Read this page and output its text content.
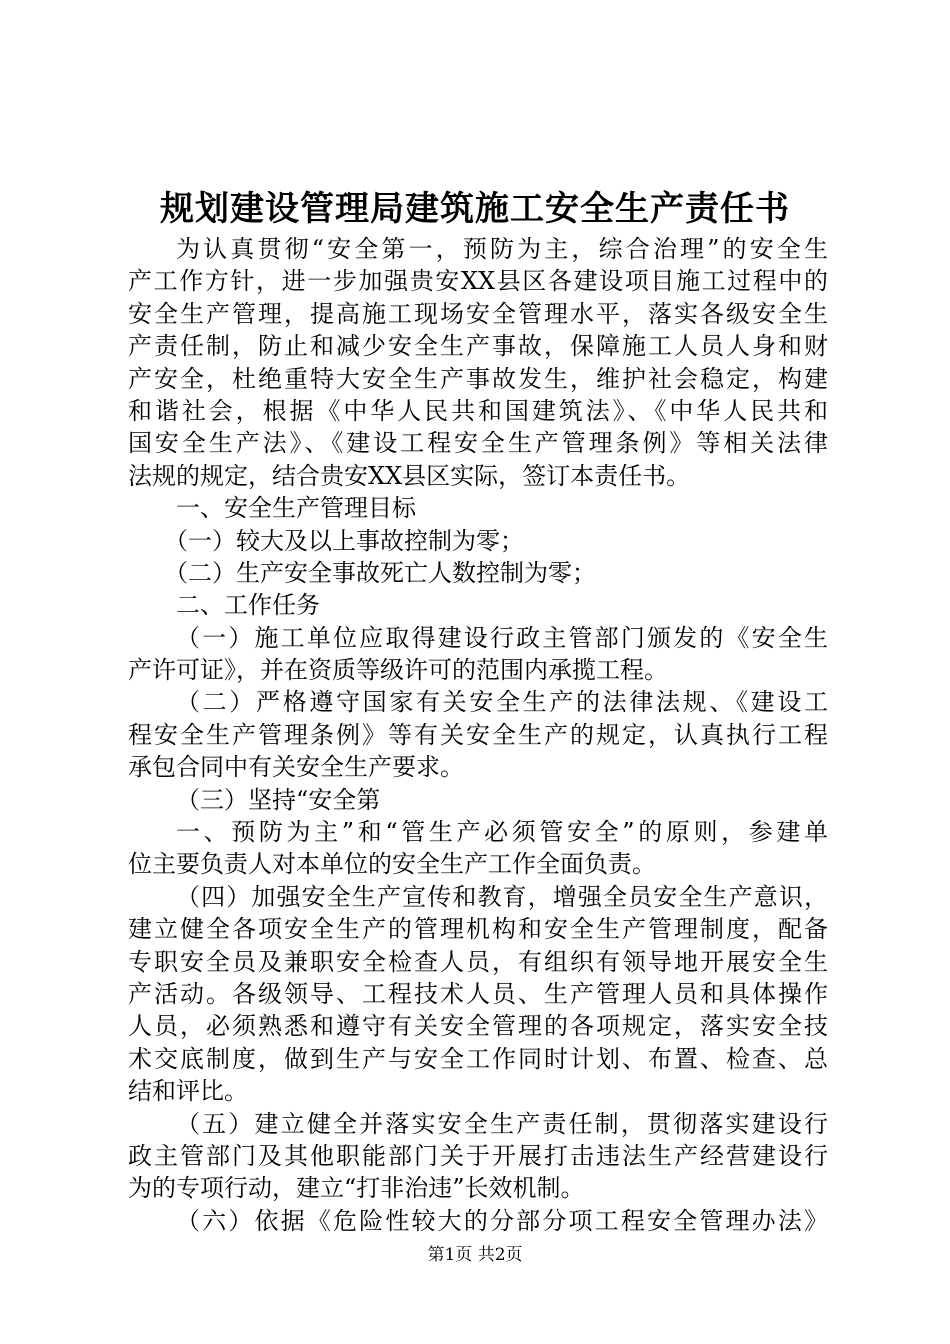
规划建设管理局建筑施工安全生产责任书
为认真贯彻“安全第一，预防为主，综合治理”的安全生
产工作方针，进一步加强贵安XX县区各建设项目施工过程中的
安全生产管理，提高施工现场安全管理水平，落实各级安全生
产责任制，防止和减少安全生产事故，保障施工人员人身和财
产安全，杜绝重特大安全生产事故发生，维护社会稳定，构建
和谐社会，根据《中华人民共和国建筑法》、《中华人民共和
国安全生产法》、《建设工程安全生产管理条例》等相关法律
法规的规定，结合贵安XX县区实际，签订本责任书。
一、安全生产管理目标
（一）较大及以上事故控制为零；
（二）生产安全事故死亡人数控制为零；
二、工作任务
（一）施工单位应取得建设行政主管部门颁发的《安全生
产许可证》，并在资质等级许可的范围内承揽工程。
（二）严格遵守国家有关安全生产的法律法规、《建设工
程安全生产管理条例》等有关安全生产的规定，认真执行工程
承包合同中有关安全生产要求。
（三）坚持“安全第
一、预防为主”和“管生产必须管安全”的原则，参建单
位主要负责人对本单位的安全生产工作全面负责。
（四）加强安全生产宣传和教育，增强全员安全生产意识，
建立健全各项安全生产的管理机构和安全生产管理制度，配备
专职安全员及兼职安全检查人员，有组织有领导地开展安全生
产活动。各级领导、工程技术人员、生产管理人员和具体操作
人员，必须熟悉和遵守有关安全管理的各项规定，落实安全技
术交底制度，做到生产与安全工作同时计划、布置、检查、总
结和评比。
（五）建立健全并落实安全生产责任制，贯彻落实建设行
政主管部门及其他职能部门关于开展打击违法生产经营建设行
为的专项行动，建立“打非治违”长效机制。
（六）依据《危险性较大的分部分项工程安全管理办法》
第1页 共2页
